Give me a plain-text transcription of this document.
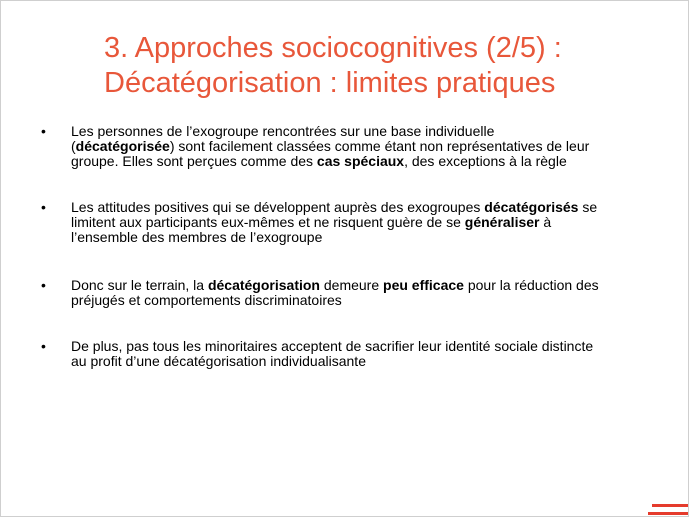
3. Approches sociocognitives (2/5) :
Décatégorisation : limites pratiques
•	Les personnes de l’exogroupe rencontrées sur une base individuelle
(décatégorisée) sont facilement classées comme étant non représentatives de leur
groupe. Elles sont perçues comme des cas spéciaux, des exceptions à la règle
•	Les attitudes positives qui se développent auprès des exogroupes décatégorisés se
limitent aux participants eux-mêmes et ne risquent guère de se généraliser à
l’ensemble des membres de l’exogroupe
•	Donc sur le terrain, la décatégorisation demeure peu efficace pour la réduction des
préjugés et comportements discriminatoires
•	De plus, pas tous les minoritaires acceptent de sacrifier leur identité sociale distincte
au profit d’une décatégorisation individualisante
